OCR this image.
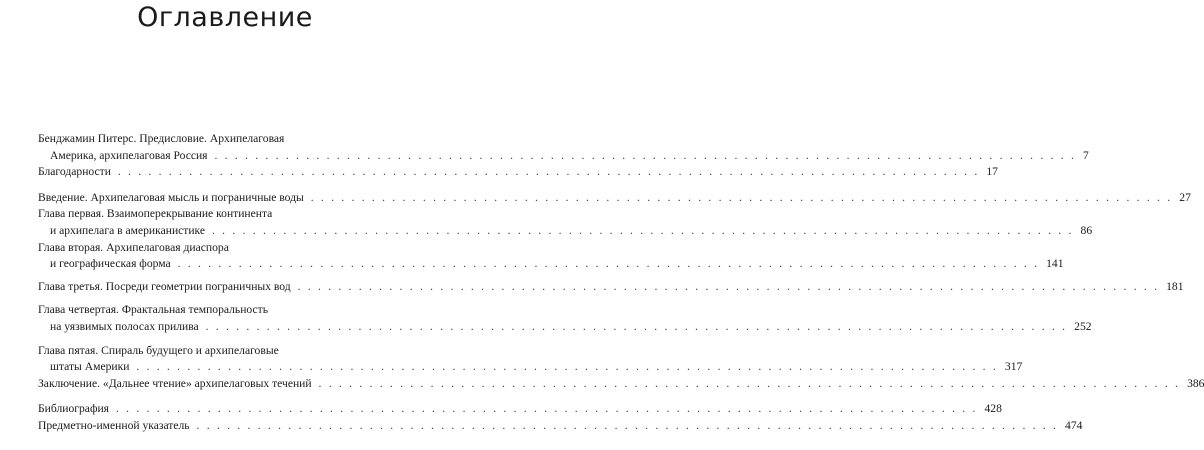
Оглавление
Бенджамин Питерс. Предисловие. Архипелаговая
Америка, архипелаговая Россия . . .	7
Благодарности . . .	17
Введение. Архипелаговая мысль и пограничные воды . . .	27
Глава первая. Взаимоперекрывание континента
и архипелага в американистике . . .	86
Глава вторая. Архипелаговая диаспора
и географическая форма . . .	141
Глава третья. Посреди геометрии пограничных вод . . .	181
Глава четвертая. Фрактальная темпоральность
на уязвимых полосах прилива . . .	252
Глава пятая. Спираль будущего и архипелаговые
штаты Америки . . .	317
Заключение. «Дальнее чтение» архипелаговых течений . . .	386
Библиография . . .	428
Предметно-именной указатель . . .	474
